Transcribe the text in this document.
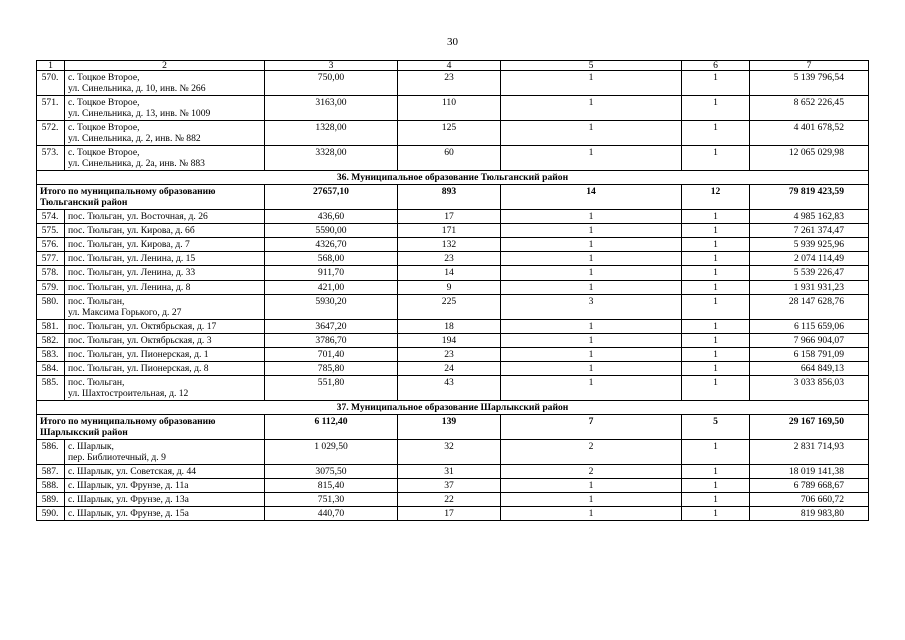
30
1	2	3	4	5	6	7
570.	с. Тоцкое Второе,
ул. Синельника, д. 10, инв. № 266	750,00	23	1	1	5 139 796,54
571.	с. Тоцкое Второе,
ул. Синельника, д. 13, инв. № 1009	3163,00	110	1	1	8 652 226,45
572.	с. Тоцкое Второе,
ул. Синельника, д. 2, инв. № 882	1328,00	125	1	1	4 401 678,52
573.	с. Тоцкое Второе,
ул. Синельника, д. 2а, инв. № 883	3328,00	60	1	1	12 065 029,98
36. Муниципальное образование Тюльганский район						
Итого по муниципальному образованию
Тюльганский район		27657,10	893	14	12	79 819 423,59
574.	пос. Тюльган, ул. Восточная, д. 26	436,60	17	1	1	4 985 162,83
575.	пос. Тюльган, ул. Кирова, д. 6б	5590,00	171	1	1	7 261 374,47
576.	пос. Тюльган, ул. Кирова, д. 7	4326,70	132	1	1	5 939 925,96
577.	пос. Тюльган, ул. Ленина, д. 15	568,00	23	1	1	2 074 114,49
578.	пос. Тюльган, ул. Ленина, д. 33	911,70	14	1	1	5 539 226,47
579.	пос. Тюльган, ул. Ленина, д. 8	421,00	9	1	1	1 931 931,23
580.	пос. Тюльган,
ул. Максима Горького, д. 27	5930,20	225	3	1	28 147 628,76
581.	пос. Тюльган, ул. Октябрьская, д. 17	3647,20	18	1	1	6 115 659,06
582.	пос. Тюльган, ул. Октябрьская, д. 3	3786,70	194	1	1	7 966 904,07
583.	пос. Тюльган, ул. Пионерская, д. 1	701,40	23	1	1	6 158 791,09
584.	пос. Тюльган, ул. Пионерская, д. 8	785,80	24	1	1	664 849,13
585.	пос. Тюльган,
ул. Шахтостроительная, д. 12	551,80	43	1	1	3 033 856,03
37. Муниципальное образование Шарлыкский район						
Итого по муниципальному образованию
Шарлыкский район		6 112,40	139	7	5	29 167 169,50
586.	с. Шарлык,
пер. Библиотечный, д. 9	1 029,50	32	2	1	2 831 714,93
587.	с. Шарлык, ул. Советская, д. 44	3075,50	31	2	1	18 019 141,38
588.	с. Шарлык, ул. Фрунзе, д. 11а	815,40	37	1	1	6 789 668,67
589.	с. Шарлык, ул. Фрунзе, д. 13а	751,30	22	1	1	706 660,72
590.	с. Шарлык, ул. Фрунзе, д. 15а	440,70	17	1	1	819 983,80
